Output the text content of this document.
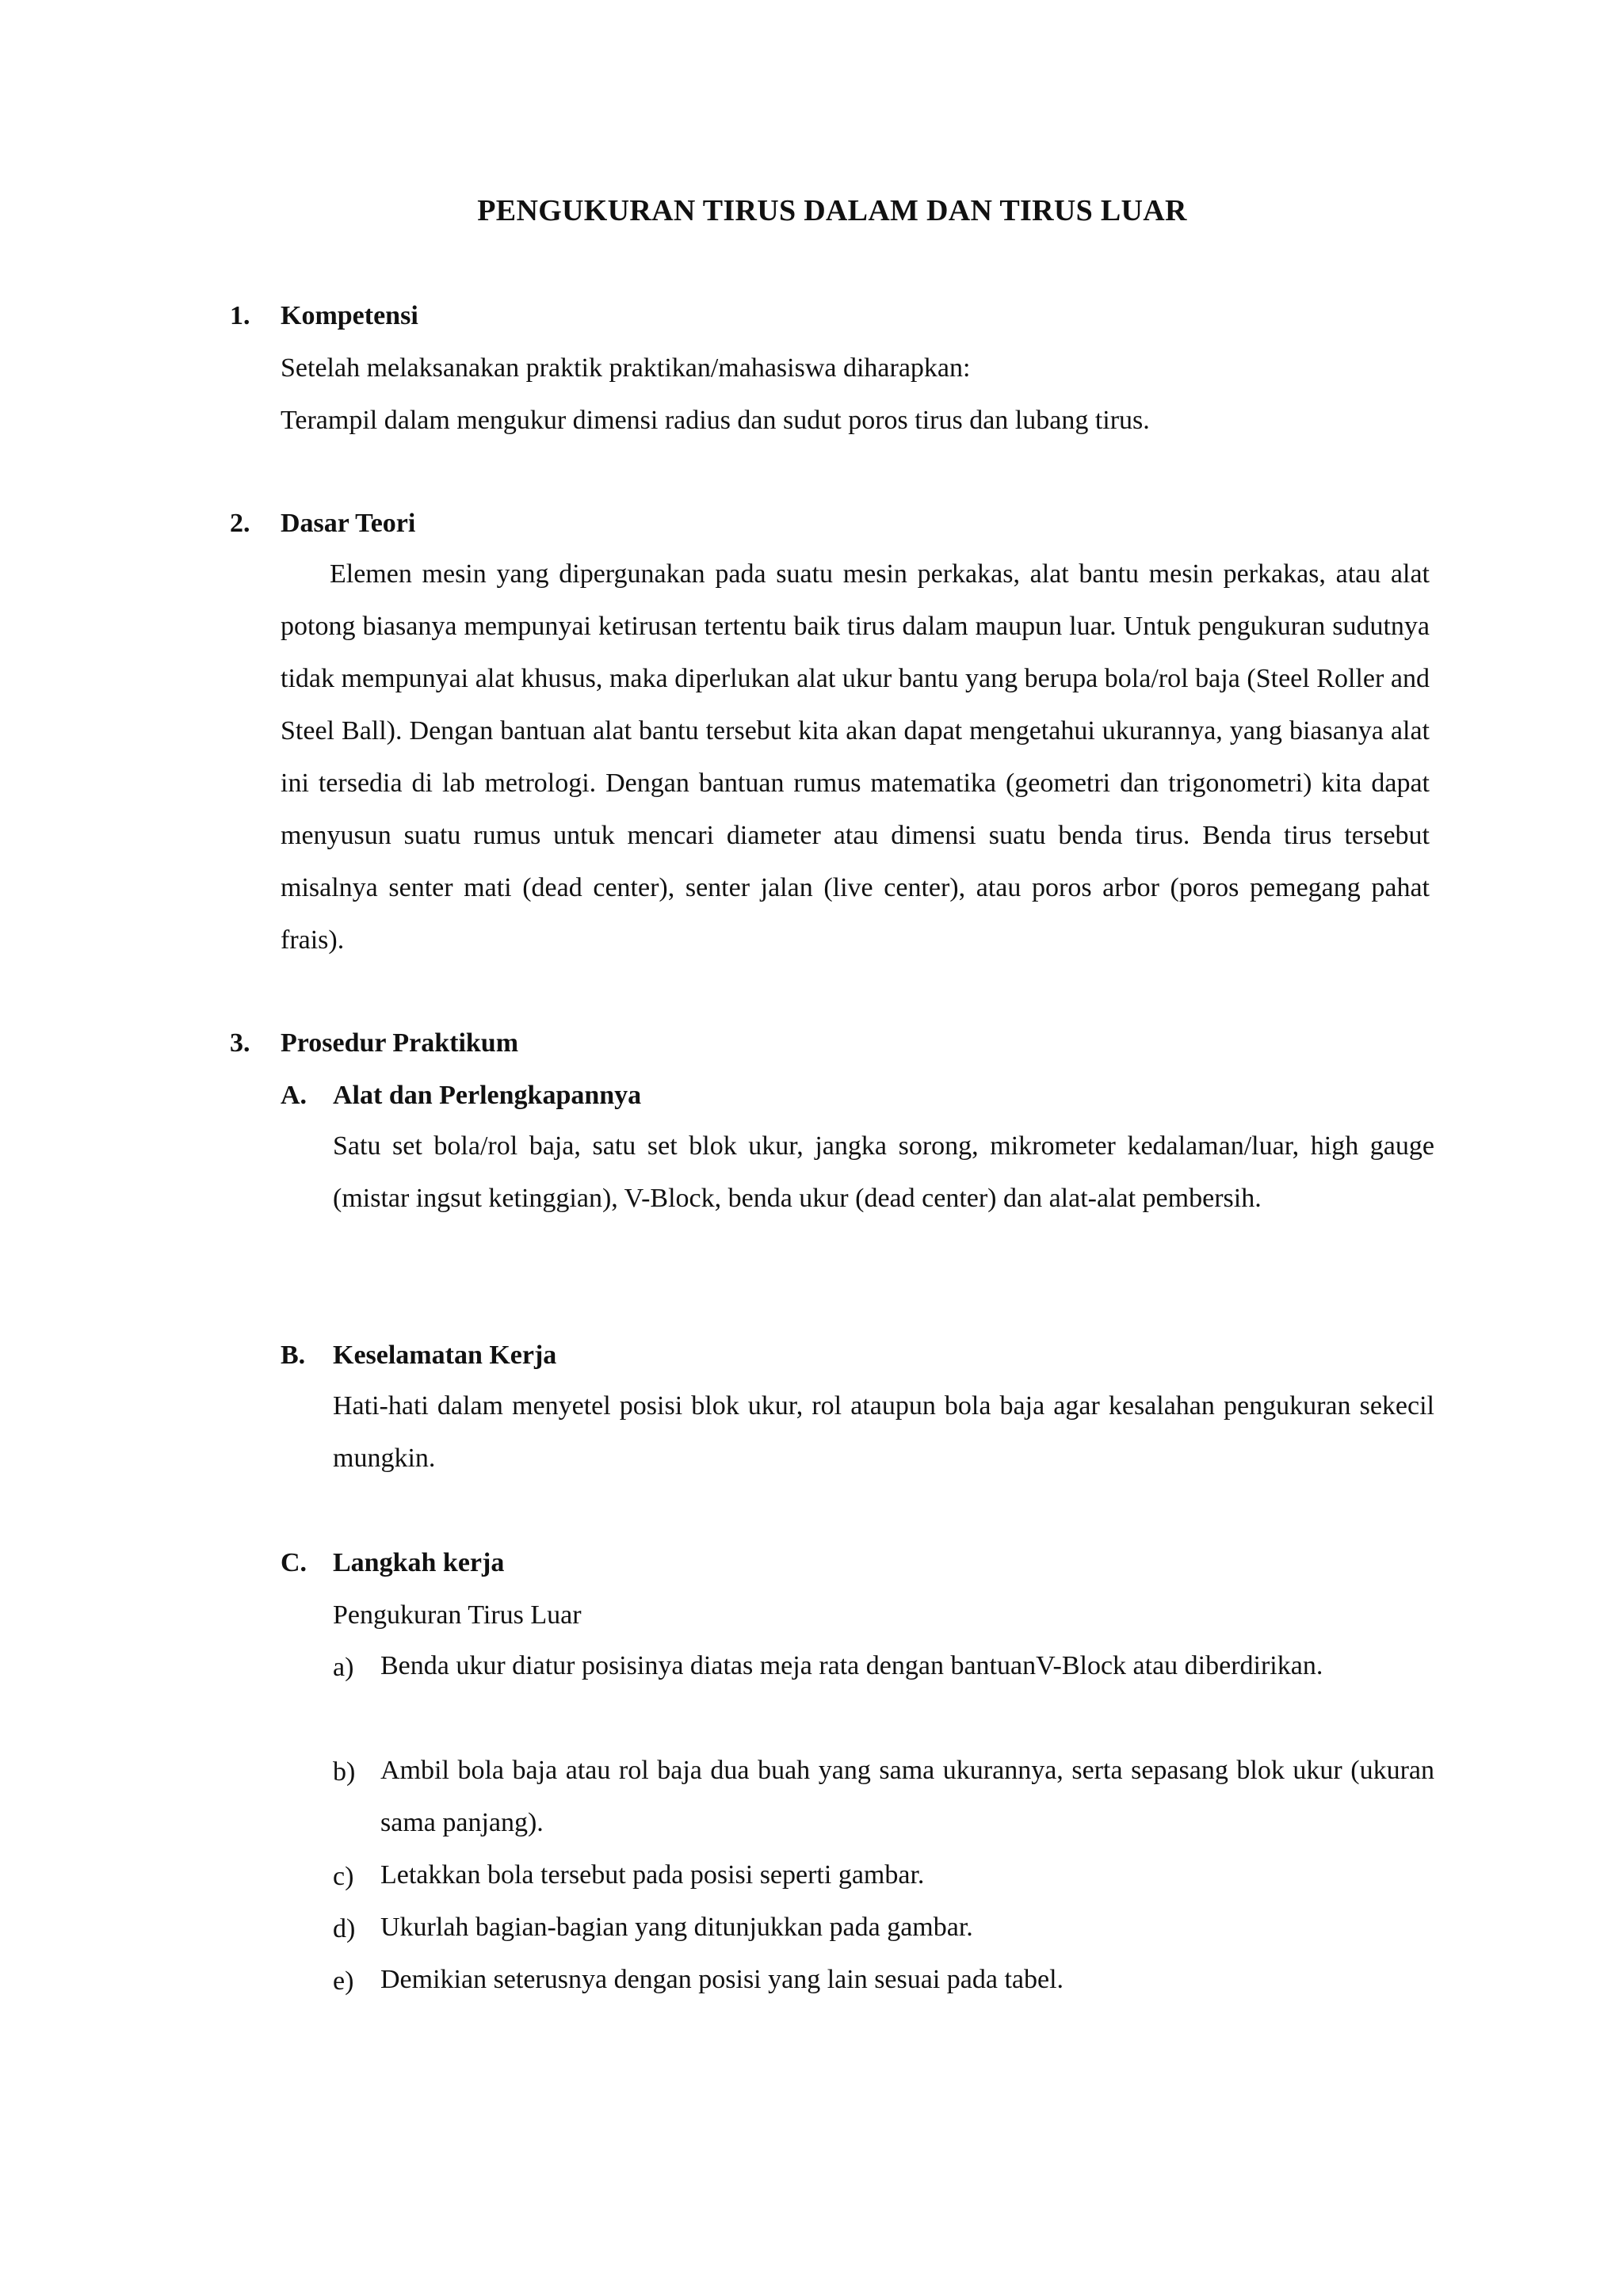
PENGUKURAN TIRUS DALAM DAN TIRUS LUAR
1. Kompetensi
Setelah melaksanakan praktik praktikan/mahasiswa diharapkan:
Terampil dalam mengukur dimensi radius dan sudut poros tirus dan lubang tirus.
2. Dasar Teori
Elemen mesin yang dipergunakan pada suatu mesin perkakas, alat bantu mesin perkakas, atau alat potong biasanya mempunyai ketirusan tertentu baik tirus dalam maupun luar. Untuk pengukuran sudutnya tidak mempunyai alat khusus, maka diperlukan alat ukur bantu yang berupa bola/rol baja (Steel Roller and Steel Ball). Dengan bantuan alat bantu tersebut kita akan dapat mengetahui ukurannya, yang biasanya alat ini tersedia di lab metrologi. Dengan bantuan rumus matematika (geometri dan trigonometri) kita dapat menyusun suatu rumus untuk mencari diameter atau dimensi suatu benda tirus. Benda tirus tersebut misalnya senter mati (dead center), senter jalan (live center), atau poros arbor (poros pemegang pahat frais).
3. Prosedur Praktikum
A. Alat dan Perlengkapannya
Satu set bola/rol baja, satu set blok ukur, jangka sorong, mikrometer kedalaman/luar, high gauge (mistar ingsut ketinggian), V-Block, benda ukur (dead center) dan alat-alat pembersih.
B. Keselamatan Kerja
Hati-hati dalam menyetel posisi blok ukur, rol ataupun bola baja agar kesalahan pengukuran sekecil mungkin.
C. Langkah kerja
Pengukuran Tirus Luar
a) Benda ukur diatur posisinya diatas meja rata dengan bantuanV-Block atau diberdirikan.
b) Ambil bola baja atau rol baja dua buah yang sama ukurannya, serta sepasang blok ukur (ukuran sama panjang).
c) Letakkan bola tersebut pada posisi seperti gambar.
d) Ukurlah bagian-bagian yang ditunjukkan pada gambar.
e) Demikian seterusnya dengan posisi yang lain sesuai pada tabel.
